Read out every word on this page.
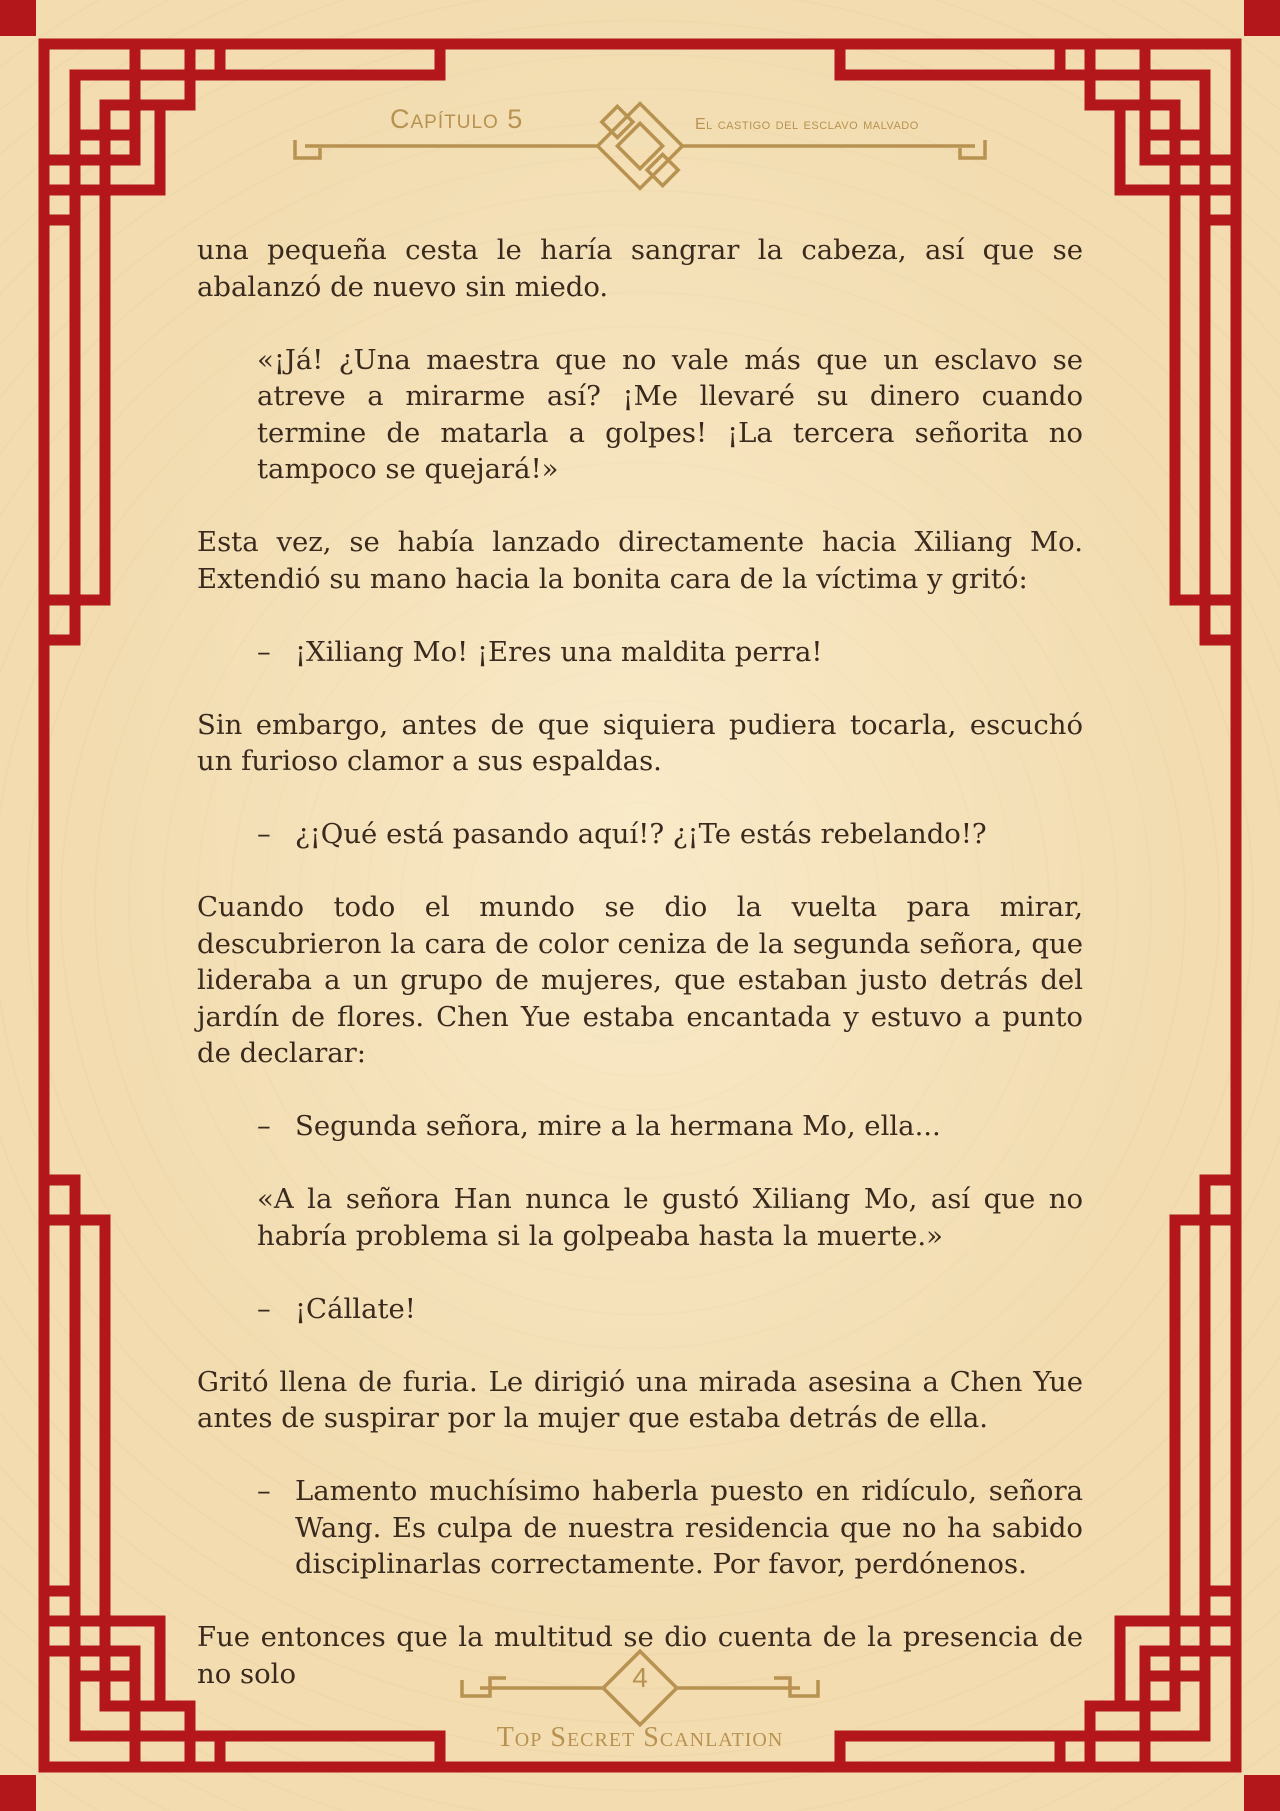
Capítulo 5	El castigo del esclavo malvado

una pequeña cesta le haría sangrar la cabeza, así que se abalanzó de nuevo sin miedo.

«¡Já! ¿Una maestra que no vale más que un esclavo se atreve a mirarme así? ¡Me llevaré su dinero cuando termine de matarla a golpes! ¡La tercera señorita no tampoco se quejará!»

Esta vez, se había lanzado directamente hacia Xiliang Mo. Extendió su mano hacia la bonita cara de la víctima y gritó:

– ¡Xiliang Mo! ¡Eres una maldita perra!

Sin embargo, antes de que siquiera pudiera tocarla, escuchó un furioso clamor a sus espaldas.

– ¿¡Qué está pasando aquí!? ¿¡Te estás rebelando!?

Cuando todo el mundo se dio la vuelta para mirar, descubrieron la cara de color ceniza de la segunda señora, que lideraba a un grupo de mujeres, que estaban justo detrás del jardín de flores. Chen Yue estaba encantada y estuvo a punto de declarar:

– Segunda señora, mire a la hermana Mo, ella...

«A la señora Han nunca le gustó Xiliang Mo, así que no habría problema si la golpeaba hasta la muerte.»

– ¡Cállate!

Gritó llena de furia. Le dirigió una mirada asesina a Chen Yue antes de suspirar por la mujer que estaba detrás de ella.

– Lamento muchísimo haberla puesto en ridículo, señora Wang. Es culpa de nuestra residencia que no ha sabido disciplinarlas correctamente. Por favor, perdónenos.

Fue entonces que la multitud se dio cuenta de la presencia de no solo	4
Top Secret Scanlation
